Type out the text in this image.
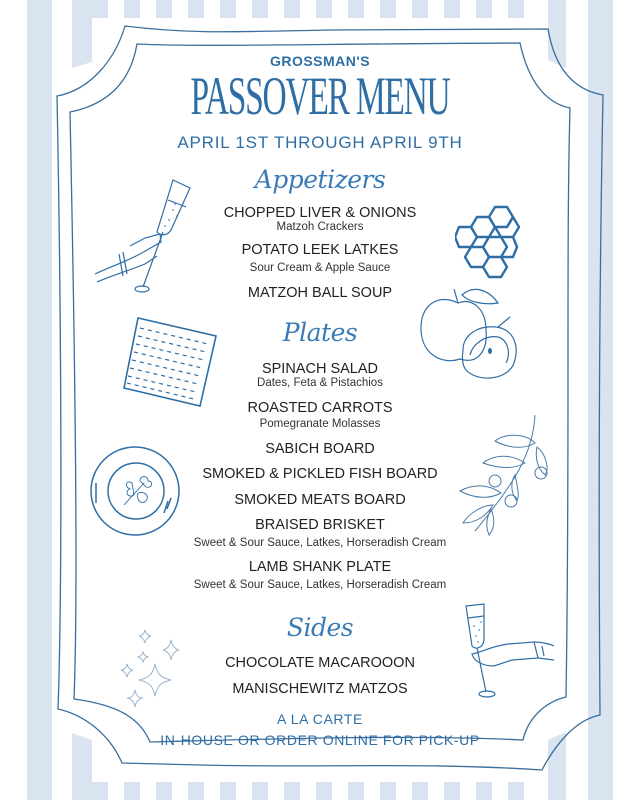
GROSSMAN'S
PASSOVER MENU
APRIL 1ST THROUGH APRIL 9TH
Appetizers
CHOPPED LIVER & ONIONS
Matzoh Crackers
POTATO LEEK LATKES
Sour Cream & Apple Sauce
MATZOH BALL SOUP
Plates
SPINACH SALAD
Dates, Feta & Pistachios
ROASTED CARROTS
Pomegranate Molasses
SABICH BOARD
SMOKED & PICKLED FISH BOARD
SMOKED MEATS BOARD
BRAISED BRISKET
Sweet & Sour Sauce, Latkes, Horseradish Cream
LAMB SHANK PLATE
Sweet & Sour Sauce, Latkes, Horseradish Cream
Sides
CHOCOLATE MACAROOON
MANISCHEWITZ MATZOS
A LA CARTE
IN-HOUSE OR ORDER ONLINE FOR PICK-UP
